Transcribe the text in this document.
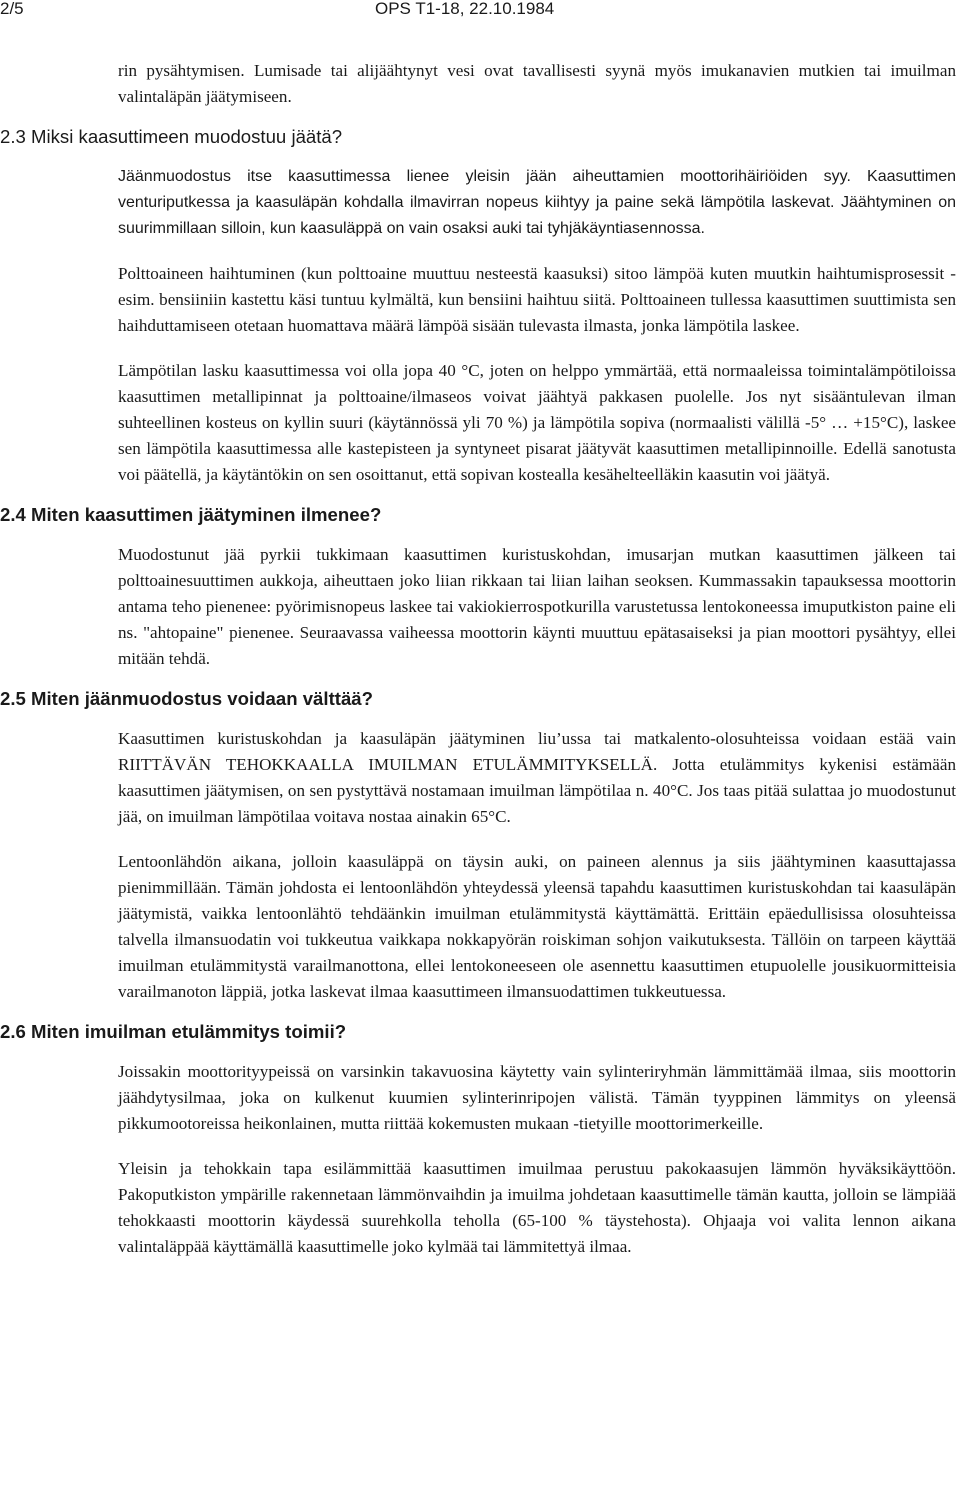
2/5	OPS T1-18, 22.10.1984

rin pysähtymisen. Lumisade tai alijäähtynyt vesi ovat tavallisesti syynä myös imukanavien mutkien tai imuilman valintaläpän jäätymiseen.

2.3 Miksi kaasuttimeen muodostuu jäätä?

Jäänmuodostus itse kaasuttimessa lienee yleisin jään aiheuttamien moottorihäiriöiden syy. Kaasuttimen venturiputkessa ja kaasuläpän kohdalla ilmavirran nopeus kiihtyy ja paine sekä lämpötila laskevat. Jäähtyminen on suurimmillaan silloin, kun kaasuläppä on vain osaksi auki tai tyhjäkäyntiasennossa.

Polttoaineen haihtuminen (kun polttoaine muuttuu nesteestä kaasuksi) sitoo lämpöä kuten muutkin haihtumisprosessit - esim. bensiiniin kastettu käsi tuntuu kylmältä, kun bensiini haihtuu siitä. Polttoaineen tullessa kaasuttimen suuttimista sen haihduttamiseen otetaan huomattava määrä lämpöä sisään tulevasta ilmasta, jonka lämpötila laskee.

Lämpötilan lasku kaasuttimessa voi olla jopa 40 °C, joten on helppo ymmärtää, että normaaleissa toimintalämpötiloissa kaasuttimen metallipinnat ja polttoaine/ilmaseos voivat jäähtyä pakkasen puolelle. Jos nyt sisääntulevan ilman suhteellinen kosteus on kyllin suuri (käytännössä yli 70 %) ja lämpötila sopiva (normaalisti välillä -5° … +15°C), laskee sen lämpötila kaasuttimessa alle kastepisteen ja syntyneet pisarat jäätyvät kaasuttimen metallipinnoille. Edellä sanotusta voi päätellä, ja käytäntökin on sen osoittanut, että sopivan kostealla kesähelteelläkin kaasutin voi jäätyä.

2.4 Miten kaasuttimen jäätyminen ilmenee?

Muodostunut jää pyrkii tukkimaan kaasuttimen kuristuskohdan, imusarjan mutkan kaasuttimen jälkeen tai polttoainesuuttimen aukkoja, aiheuttaen joko liian rikkaan tai liian laihan seoksen. Kummassakin tapauksessa moottorin antama teho pienenee: pyörimisnopeus laskee tai vakiokierrospotkurilla varustetussa lentokoneessa imuputkiston paine eli ns. "ahtopaine" pienenee. Seuraavassa vaiheessa moottorin käynti muuttuu epätasaiseksi ja pian moottori pysähtyy, ellei mitään tehdä.

2.5 Miten jäänmuodostus voidaan välttää?

Kaasuttimen kuristuskohdan ja kaasuläpän jäätyminen liu’ussa tai matkalento-olosuhteissa voidaan estää vain RIITTÄVÄN TEHOKKAALLA IMUILMAN ETULÄMMITYKSELLÄ. Jotta etulämmitys kykenisi estämään kaasuttimen jäätymisen, on sen pystyttävä nostamaan imuilman lämpötilaa n. 40°C. Jos taas pitää sulattaa jo muodostunut jää, on imuilman lämpötilaa voitava nostaa ainakin 65°C.

Lentoonlähdön aikana, jolloin kaasuläppä on täysin auki, on paineen alennus ja siis jäähtyminen kaasuttajassa pienimmillään. Tämän johdosta ei lentoonlähdön yhteydessä yleensä tapahdu kaasuttimen kuristuskohdan tai kaasuläpän jäätymistä, vaikka lentoonlähtö tehdäänkin imuilman etulämmitystä käyttämättä. Erittäin epäedullisissa olosuhteissa talvella ilmansuodatin voi tukkeutua vaikkapa nokkapyörän roiskiman sohjon vaikutuksesta. Tällöin on tarpeen käyttää imuilman etulämmitystä varailmanottona, ellei lentokoneeseen ole asennettu kaasuttimen etupuolelle jousikuormitteisia varailmanoton läppiä, jotka laskevat ilmaa kaasuttimeen ilmansuodattimen tukkeutuessa.

2.6 Miten imuilman etulämmitys toimii?

Joissakin moottorityypeissä on varsinkin takavuosina käytetty vain sylinteriryhmän lämmittämää ilmaa, siis moottorin jäähdytysilmaa, joka on kulkenut kuumien sylinterinripojen välistä. Tämän tyyppinen lämmitys on yleensä pikkumootoreissa heikonlainen, mutta riittää kokemusten mukaan -tietyille moottorimerkeille.

Yleisin ja tehokkain tapa esilämmittää kaasuttimen imuilmaa perustuu pakokaasujen lämmön hyväksikäyttöön. Pakoputkiston ympärille rakennetaan lämmönvaihdin ja imuilma johdetaan kaasuttimelle tämän kautta, jolloin se lämpiää tehokkaasti moottorin käydessä suurehkolla teholla (65-100 % täystehosta). Ohjaaja voi valita lennon aikana valintaläppää käyttämällä kaasuttimelle joko kylmää tai lämmitettyä ilmaa.
